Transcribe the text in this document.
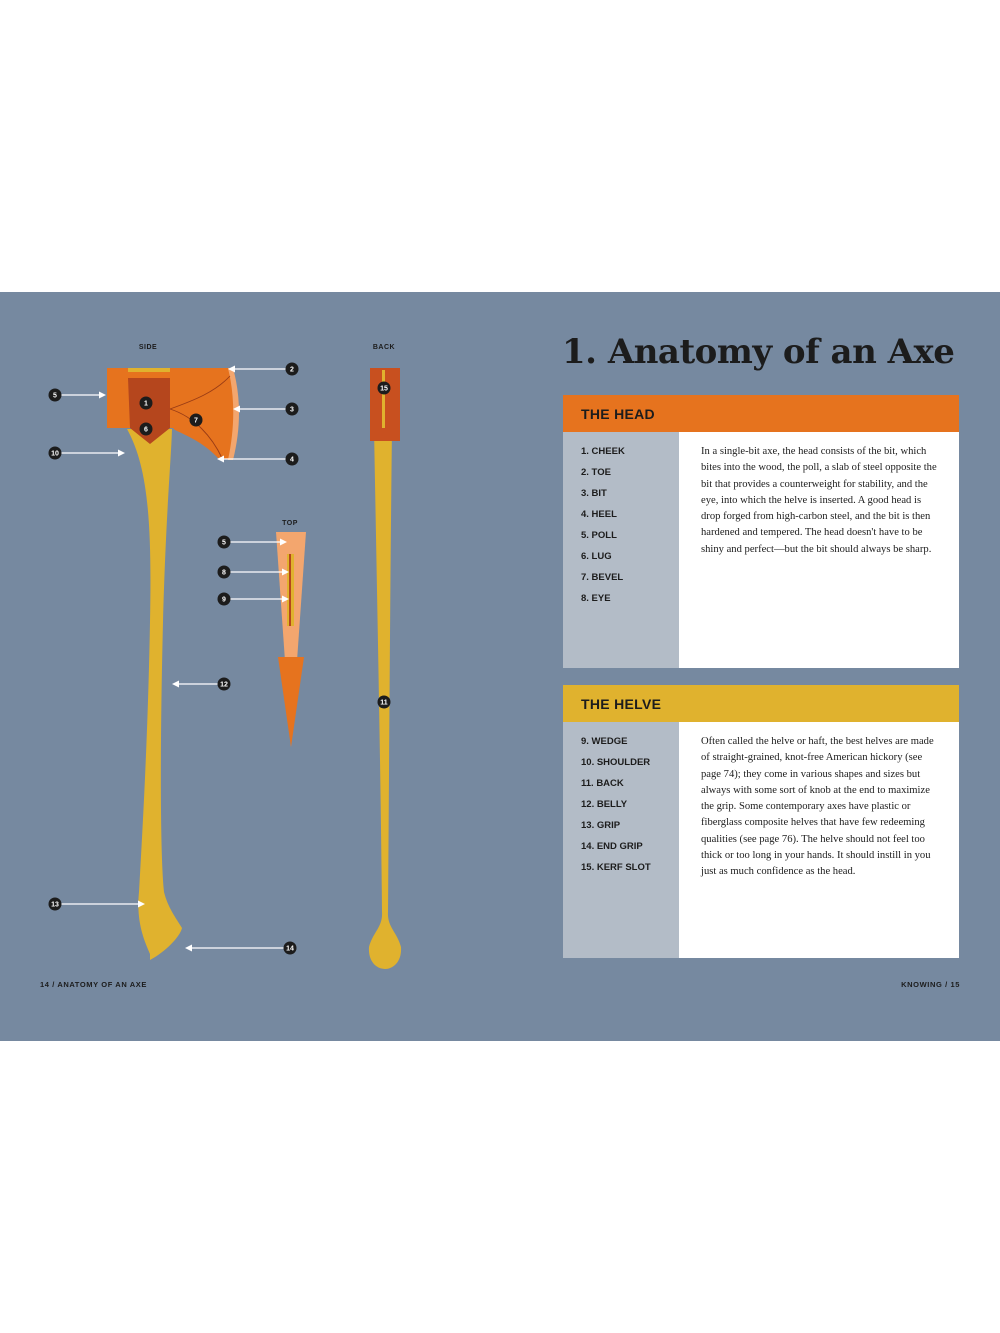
SIDE	BACK
TOP
1
2
3
4
5
5
6
7
8
9
10
11
12
13
14
15
1. Anatomy of an Axe
THE HEAD
1. CHEEK
2. TOE
3. BIT
4. HEEL
5. POLL
6. LUG
7. BEVEL
8. EYE

In a single-bit axe, the head consists of the bit, which bites into the wood, the poll, a slab of steel opposite the bit that provides a counterweight for stability, and the eye, into which the helve is inserted. A good head is drop forged from high-carbon steel, and the bit is then hardened and tempered. The head doesn't have to be shiny and perfect—but the bit should always be sharp.

THE HELVE
9. WEDGE
10. SHOULDER
11. BACK
12. BELLY
13. GRIP
14. END GRIP
15. KERF SLOT

Often called the helve or haft, the best helves are made of straight-grained, knot-free American hickory (see page 74); they come in various shapes and sizes but always with some sort of knob at the end to maximize the grip. Some contemporary axes have plastic or fiberglass composite helves that have few redeeming qualities (see page 76). The helve should not feel too thick or too long in your hands. It should instill in you just as much confidence as the head.

14 / ANATOMY OF AN AXE	KNOWING / 15
